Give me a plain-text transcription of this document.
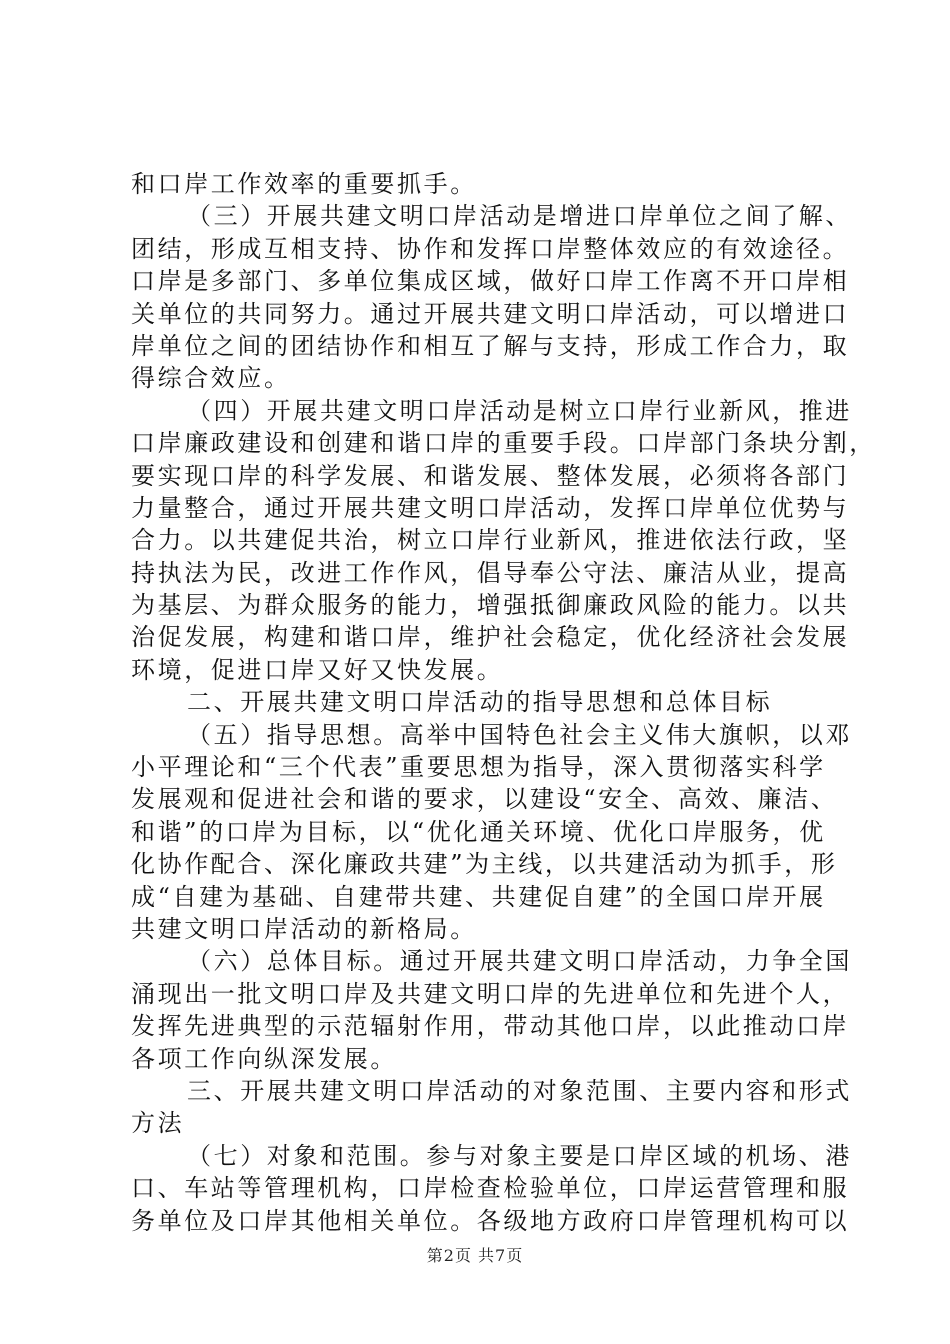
和口岸工作效率的重要抓手。
（三）开展共建文明口岸活动是增进口岸单位之间了解、
团结，形成互相支持、协作和发挥口岸整体效应的有效途径。
口岸是多部门、多单位集成区域，做好口岸工作离不开口岸相
关单位的共同努力。通过开展共建文明口岸活动，可以增进口
岸单位之间的团结协作和相互了解与支持，形成工作合力，取
得综合效应。
（四）开展共建文明口岸活动是树立口岸行业新风，推进
口岸廉政建设和创建和谐口岸的重要手段。口岸部门条块分割，
要实现口岸的科学发展、和谐发展、整体发展，必须将各部门
力量整合，通过开展共建文明口岸活动，发挥口岸单位优势与
合力。以共建促共治，树立口岸行业新风，推进依法行政，坚
持执法为民，改进工作作风，倡导奉公守法、廉洁从业，提高
为基层、为群众服务的能力，增强抵御廉政风险的能力。以共
治促发展，构建和谐口岸，维护社会稳定，优化经济社会发展
环境，促进口岸又好又快发展。
二、开展共建文明口岸活动的指导思想和总体目标
（五）指导思想。高举中国特色社会主义伟大旗帜，以邓
小平理论和“三个代表”重要思想为指导，深入贯彻落实科学
发展观和促进社会和谐的要求，以建设“安全、高效、廉洁、
和谐”的口岸为目标，以“优化通关环境、优化口岸服务，优
化协作配合、深化廉政共建”为主线，以共建活动为抓手，形
成“自建为基础、自建带共建、共建促自建”的全国口岸开展
共建文明口岸活动的新格局。
（六）总体目标。通过开展共建文明口岸活动，力争全国
涌现出一批文明口岸及共建文明口岸的先进单位和先进个人，
发挥先进典型的示范辐射作用，带动其他口岸，以此推动口岸
各项工作向纵深发展。
三、开展共建文明口岸活动的对象范围、主要内容和形式
方法
（七）对象和范围。参与对象主要是口岸区域的机场、港
口、车站等管理机构，口岸检查检验单位，口岸运营管理和服
务单位及口岸其他相关单位。各级地方政府口岸管理机构可以
第2页 共7页
